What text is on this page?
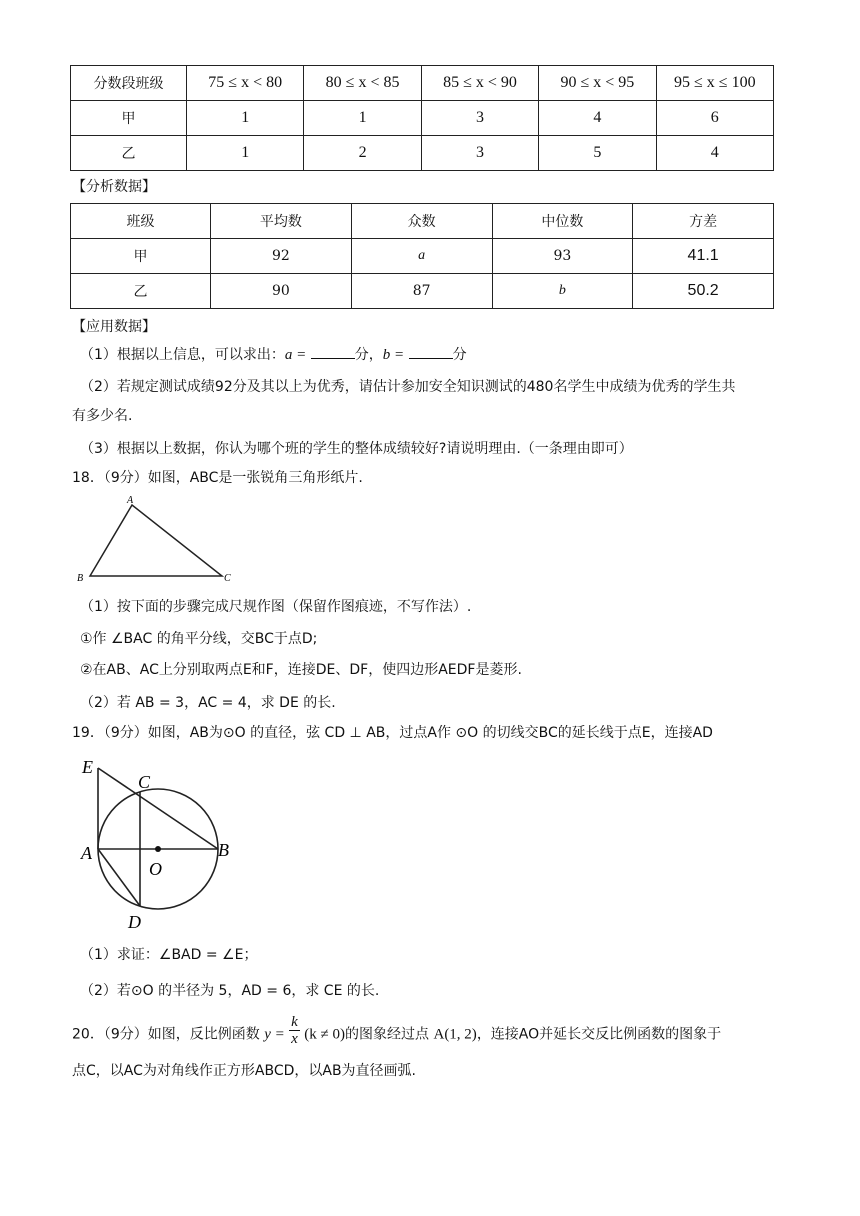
分数段班级	75 ≤ x < 80	80 ≤ x < 85	85 ≤ x < 90	90 ≤ x < 95	95 ≤ x ≤ 100
甲	1	1	3	4	6
乙	1	2	3	5	4
【分析数据】
班级	平均数	众数	中位数	方差
甲	92	a	93	41.1
乙	90	87	b	50.2
【应用数据】
（1）根据以上信息，可以求出：a =	分，b =	分
（2）若规定测试成绩92分及其以上为优秀，请估计参加安全知识测试的480名学生中成绩为优秀的学生共
有多少名.
（3）根据以上数据，你认为哪个班的学生的整体成绩较好?请说明理由.（一条理由即可）
18．（9分）如图，ABC是一张锐角三角形纸片.
A
B	C
（1）按下面的步骤完成尺规作图（保留作图痕迹，不写作法）.
①作 ∠BAC 的角平分线，交BC于点D;
②在AB、AC上分别取两点E和F，连接DE、DF，使四边形AEDF是菱形.
（2）若 AB = 3，AC = 4，求 DE 的长.
19．（9分）如图，AB为⊙O 的直径，弦 CD ⊥ AB，过点A作 ⊙O 的切线交BC的延长线于点E，连接AD
E
C
A
O
B
D
（1）求证：∠BAD = ∠E；
（2）若⊙O 的半径为 5，AD = 6，求 CE 的长.
20．（9分）如图，反比例函数 $y = \frac{k}{x} (k \ne 0)$的图象经过点 A(1, 2)，连接AO并延长交反比例函数的图象于
点C，以AC为对角线作正方形ABCD，以AB为直径画弧.
